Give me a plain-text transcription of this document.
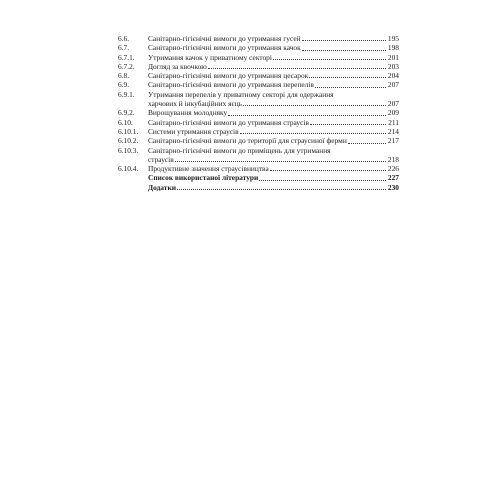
6.6.	Санітарно-гігієнічні вимоги до утримання гусей	195
6.7.	Санітарно-гігієнічні вимоги до утримання качок	198
6.7.1.	Утримання качок у приватному секторі	201
6.7.2.	Догляд за квочкою	203
6.8.	Санітарно-гігієнічні вимоги до утримання цесарок	204
6.9.	Санітарно-гігієнічні вимоги до утримання перепелів	207
6.9.1.	Утримання перепелів у приватному секторі для одержання
харчових й інкубаційних яєць	207
6.9.2.	Вирощування молодняку	209
6.10.	Санітарно-гігієнічні вимоги до утримання страусів	211
6.10.1.	Системи утримання страусів	214
6.10.2.	Санітарно-гігієнічні вимоги до території для страусиної ферми	217
6.10.3.	Санітарно-гігієнічні вимоги до приміщень для утримання
страусів	218
6.10.4.	Продуктивне значення страусівництва	226
Список використаної літератури	227
Додатки	230
